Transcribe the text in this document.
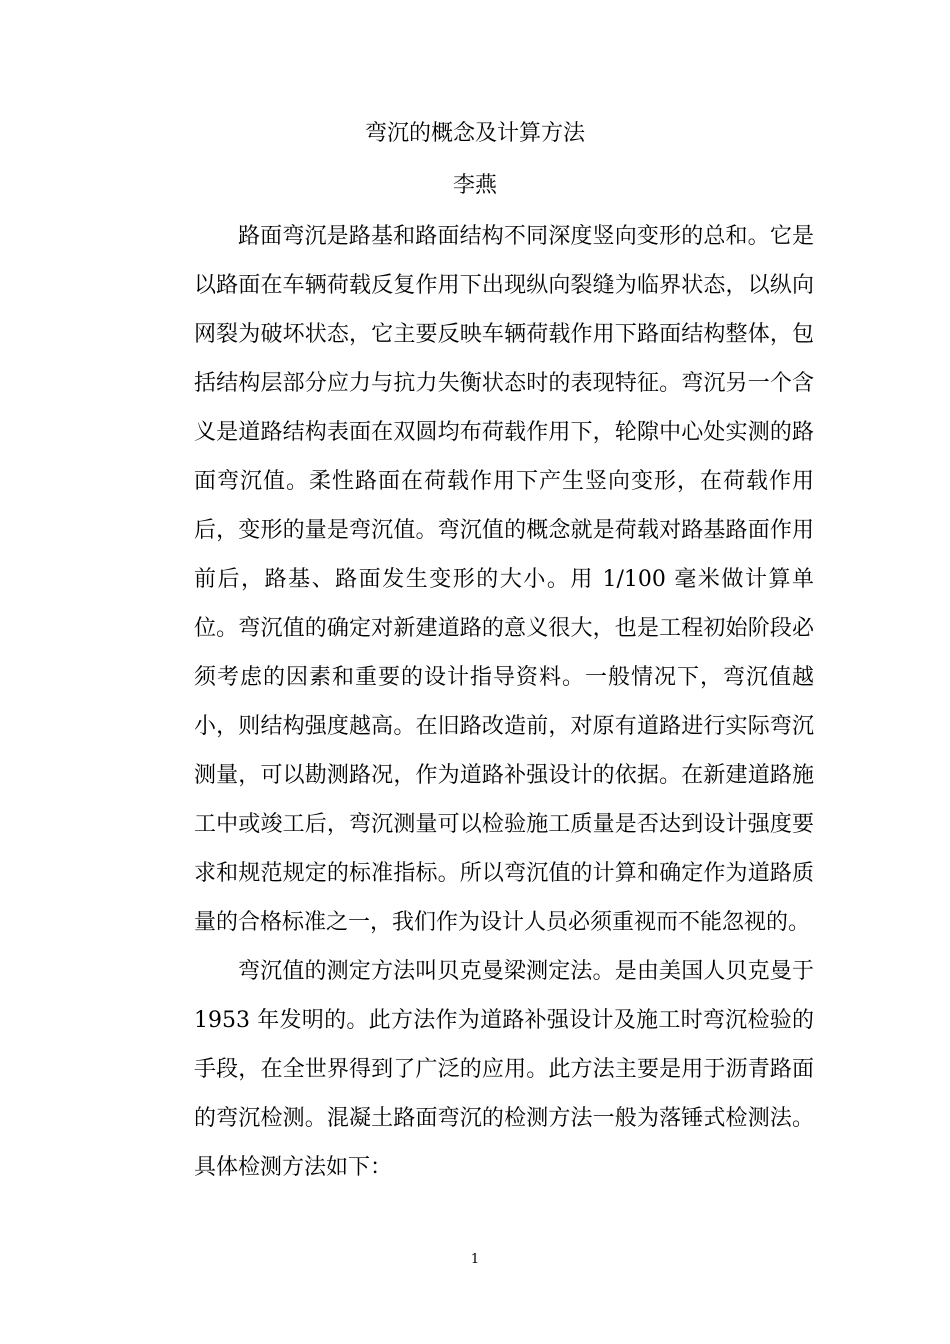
弯沉的概念及计算方法
李燕

路面弯沉是路基和路面结构不同深度竖向变形的总和。它是以路面在车辆荷载反复作用下出现纵向裂缝为临界状态，以纵向网裂为破坏状态，它主要反映车辆荷载作用下路面结构整体，包括结构层部分应力与抗力失衡状态时的表现特征。弯沉另一个含义是道路结构表面在双圆均布荷载作用下，轮隙中心处实测的路面弯沉值。柔性路面在荷载作用下产生竖向变形，在荷载作用后，变形的量是弯沉值。弯沉值的概念就是荷载对路基路面作用前后，路基、路面发生变形的大小。用 1/100 毫米做计算单位。弯沉值的确定对新建道路的意义很大，也是工程初始阶段必须考虑的因素和重要的设计指导资料。一般情况下，弯沉值越小，则结构强度越高。在旧路改造前，对原有道路进行实际弯沉测量，可以勘测路况，作为道路补强设计的依据。在新建道路施工中或竣工后，弯沉测量可以检验施工质量是否达到设计强度要求和规范规定的标准指标。所以弯沉值的计算和确定作为道路质量的合格标准之一，我们作为设计人员必须重视而不能忽视的。

弯沉值的测定方法叫贝克曼梁测定法。是由美国人贝克曼于 1953 年发明的。此方法作为道路补强设计及施工时弯沉检验的手段，在全世界得到了广泛的应用。此方法主要是用于沥青路面的弯沉检测。混凝土路面弯沉的检测方法一般为落锤式检测法。具体检测方法如下：

1
